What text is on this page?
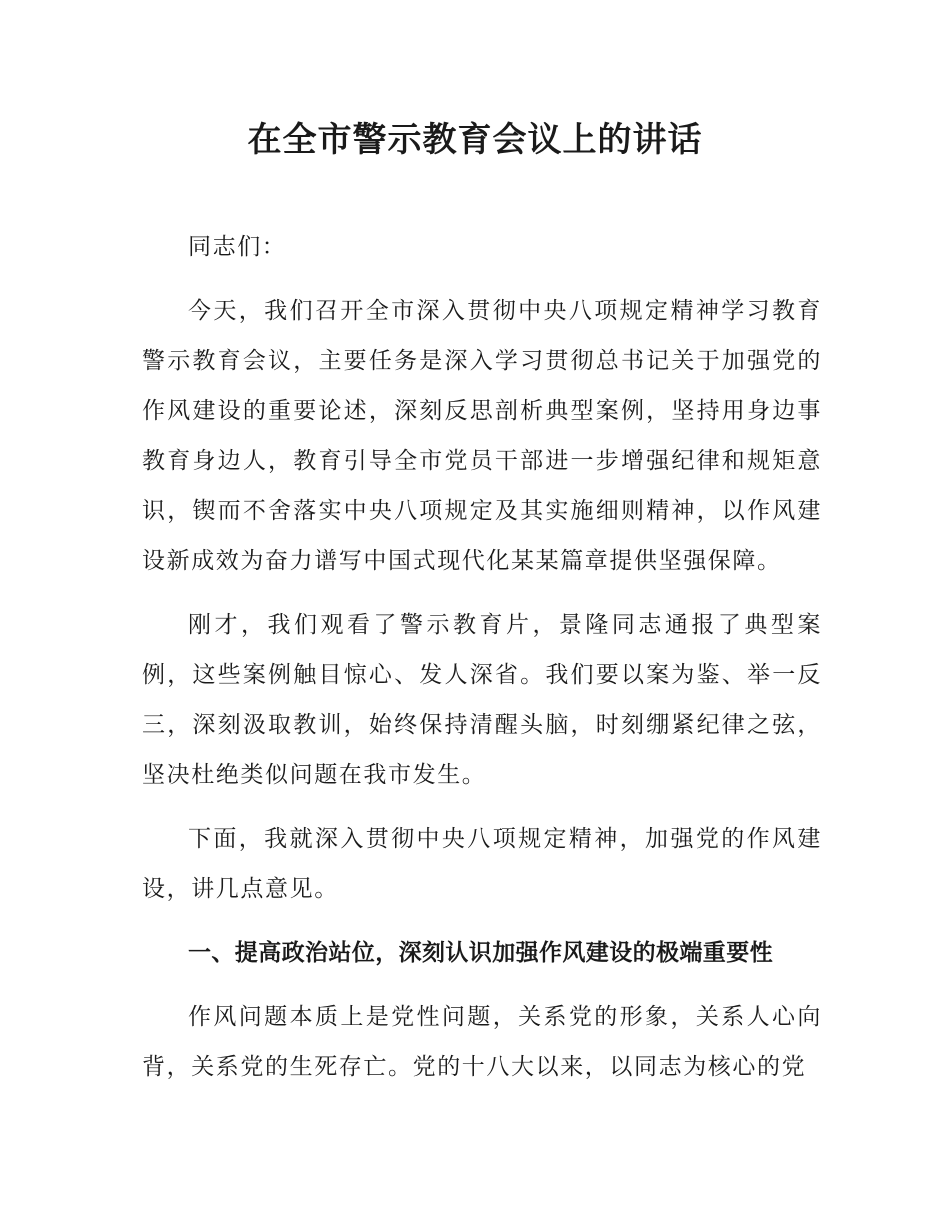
在全市警示教育会议上的讲话

同志们：

今天，我们召开全市深入贯彻中央八项规定精神学习教育警示教育会议，主要任务是深入学习贯彻总书记关于加强党的作风建设的重要论述，深刻反思剖析典型案例，坚持用身边事教育身边人，教育引导全市党员干部进一步增强纪律和规矩意识，锲而不舍落实中央八项规定及其实施细则精神，以作风建设新成效为奋力谱写中国式现代化某某篇章提供坚强保障。

刚才，我们观看了警示教育片，景隆同志通报了典型案例，这些案例触目惊心、发人深省。我们要以案为鉴、举一反三，深刻汲取教训，始终保持清醒头脑，时刻绷紧纪律之弦，坚决杜绝类似问题在我市发生。

下面，我就深入贯彻中央八项规定精神，加强党的作风建设，讲几点意见。

一、提高政治站位，深刻认识加强作风建设的极端重要性

作风问题本质上是党性问题，关系党的形象，关系人心向背，关系党的生死存亡。党的十八大以来，以同志为核心的党
